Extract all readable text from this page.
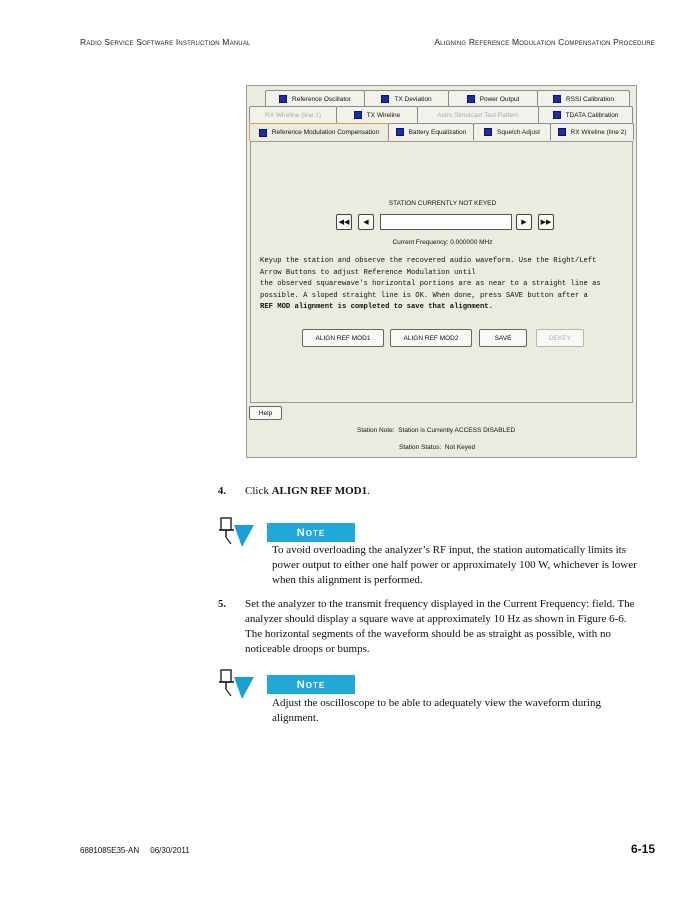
Radio Service Software Instruction Manual	Aligning Reference Modulation Compensation Procedure
Reference Oscillator	TX Deviation	Power Output	RSSI Calibration
RX Wireline (line 1)	TX Wireline	Astro Simulcast Test Pattern	TDATA Calibration
Reference Modulation Compensation	Battery Equalization	Squelch Adjust	RX Wireline (line 2)
STATION CURRENTLY NOT KEYED
◀◀	◀	▶	▶▶
Current Frequency: 0.000000 MHz
Keyup the station and observe the recovered audio waveform. Use the Right/Left
Arrow Buttons to adjust Reference Modulation until
the observed squarewave's horizontal portions are as near to a straight line as
possible. A sloped straight line is OK. When done, press SAVE button after a
REF MOD alignment is completed to save that alignment.
ALIGN REF MOD1	ALIGN REF MOD2	SAVE	DEKEY
Help
Station Note: Station is Currently ACCESS DISABLED
Station Status: Not Keyed
4. Click ALIGN REF MOD1.
Note
To avoid overloading the analyzer’s RF input, the station automatically limits its
power output to either one half power or approximately 100 W, whichever is lower
when this alignment is performed.
5. Set the analyzer to the transmit frequency displayed in the Current Frequency: field. The
analyzer should display a square wave at approximately 10 Hz as shown in Figure 6-6.
The horizontal segments of the waveform should be as straight as possible, with no
noticeable droops or bumps.
Note
Adjust the oscilloscope to be able to adequately view the waveform during
alignment.
6881085E35-AN 06/30/2011	6-15
